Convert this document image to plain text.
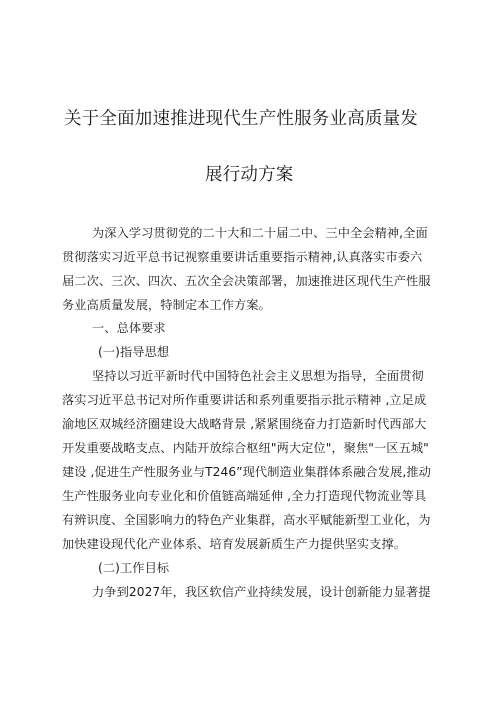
关于全面加速推进现代生产性服务业高质量发
展行动方案
为深入学习贯彻党的二十大和二十届二中、三中全会精神,全面
贯彻落实习近平总书记视察重要讲话重要指示精神,认真落实市委六
届二次、三次、四次、五次全会决策部署，加速推进区现代生产性服
务业高质量发展，特制定本工作方案。
一、总体要求
(一)指导思想
坚持以习近平新时代中国特色社会主义思想为指导，全面贯彻
落实习近平总书记对所作重要讲话和系列重要指示批示精神 ,立足成
渝地区双城经济圈建设大战略背景 ,紧紧围绕奋力打造新时代西部大
开发重要战略支点、内陆开放综合枢纽"两大定位"，聚焦"一区五城"
建设 ,促进生产性服务业与T246”现代制造业集群体系融合发展,推动
生产性服务业向专业化和价值链高端延伸 ,全力打造现代物流业等具
有辨识度、全国影响力的特色产业集群，高水平赋能新型工业化，为
加快建设现代化产业体系、培育发展新质生产力提供坚实支撑。
(二)工作目标
力争到2027年，我区软信产业持续发展，设计创新能力显著提
